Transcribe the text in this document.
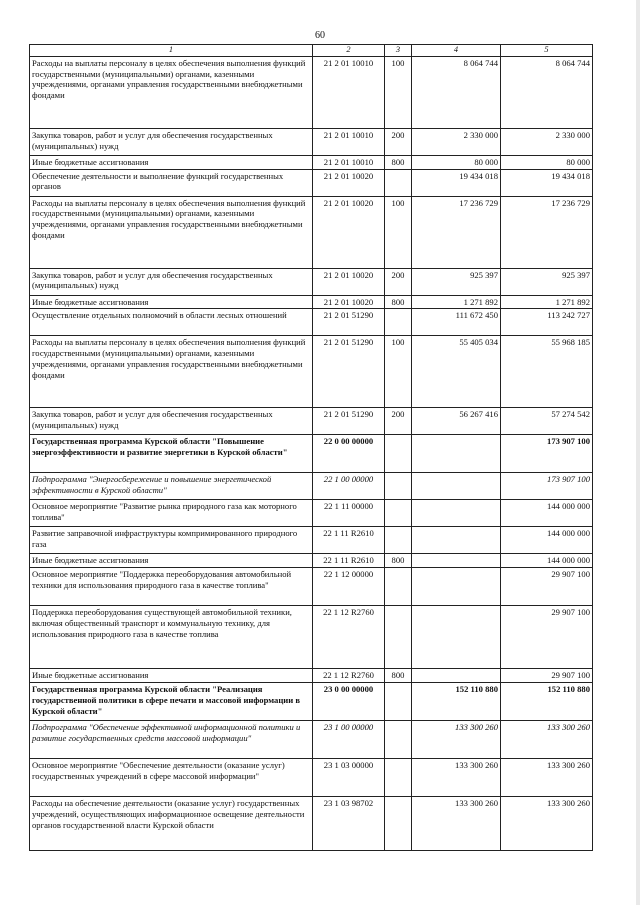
60
1	2	3	4	5
Расходы на выплаты персоналу в целях обеспечения выполнения функций государственными (муниципальными) органами, казенными учреждениями, органами управления государственными внебюджетными фондами	21 2 01 10010	100	8 064 744	8 064 744
Закупка товаров, работ и услуг для обеспечения государственных (муниципальных) нужд	21 2 01 10010	200	2 330 000	2 330 000
Иные бюджетные ассигнования	21 2 01 10010	800	80 000	80 000
Обеспечение деятельности и выполнение функций государственных органов	21 2 01 10020		19 434 018	19 434 018
Расходы на выплаты персоналу в целях обеспечения выполнения функций государственными (муниципальными) органами, казенными учреждениями, органами управления государственными внебюджетными фондами	21 2 01 10020	100	17 236 729	17 236 729
Закупка товаров, работ и услуг для обеспечения государственных (муниципальных) нужд	21 2 01 10020	200	925 397	925 397
Иные бюджетные ассигнования	21 2 01 10020	800	1 271 892	1 271 892
Осуществление отдельных полномочий в области лесных отношений	21 2 01 51290		111 672 450	113 242 727
Расходы на выплаты персоналу в целях обеспечения выполнения функций государственными (муниципальными) органами, казенными учреждениями, органами управления государственными внебюджетными фондами	21 2 01 51290	100	55 405 034	55 968 185
Закупка товаров, работ и услуг для обеспечения государственных (муниципальных) нужд	21 2 01 51290	200	56 267 416	57 274 542
Государственная программа Курской области "Повышение энергоэффективности и развитие энергетики в Курской области"	22 0 00 00000			173 907 100
Подпрограмма "Энергосбережение и повышение энергетической эффективности в Курской области"	22 1 00 00000			173 907 100
Основное мероприятие "Развитие рынка природного газа как моторного топлива"	22 1 11 00000			144 000 000
Развитие заправочной инфраструктуры компримированного природного газа	22 1 11 R2610			144 000 000
Иные бюджетные ассигнования	22 1 11 R2610	800		144 000 000
Основное мероприятие "Поддержка переоборудования автомобильной техники для использования природного газа в качестве топлива"	22 1 12 00000			29 907 100
Поддержка переоборудования существующей автомобильной техники, включая общественный транспорт и коммунальную технику, для использования природного газа в качестве топлива	22 1 12 R2760			29 907 100
Иные бюджетные ассигнования	22 1 12 R2760	800		29 907 100
Государственная программа Курской области "Реализация государственной политики в сфере печати и массовой информации в Курской области"	23 0 00 00000		152 110 880	152 110 880
Подпрограмма "Обеспечение эффективной информационной политики и развитие государственных средств массовой информации"	23 1 00 00000		133 300 260	133 300 260
Основное мероприятие "Обеспечение деятельности (оказание услуг) государственных учреждений в сфере массовой информации"	23 1 03 00000		133 300 260	133 300 260
Расходы на обеспечение деятельности (оказание услуг) государственных учреждений, осуществляющих информационное освещение деятельности органов государственной власти Курской области	23 1 03 98702		133 300 260	133 300 260
